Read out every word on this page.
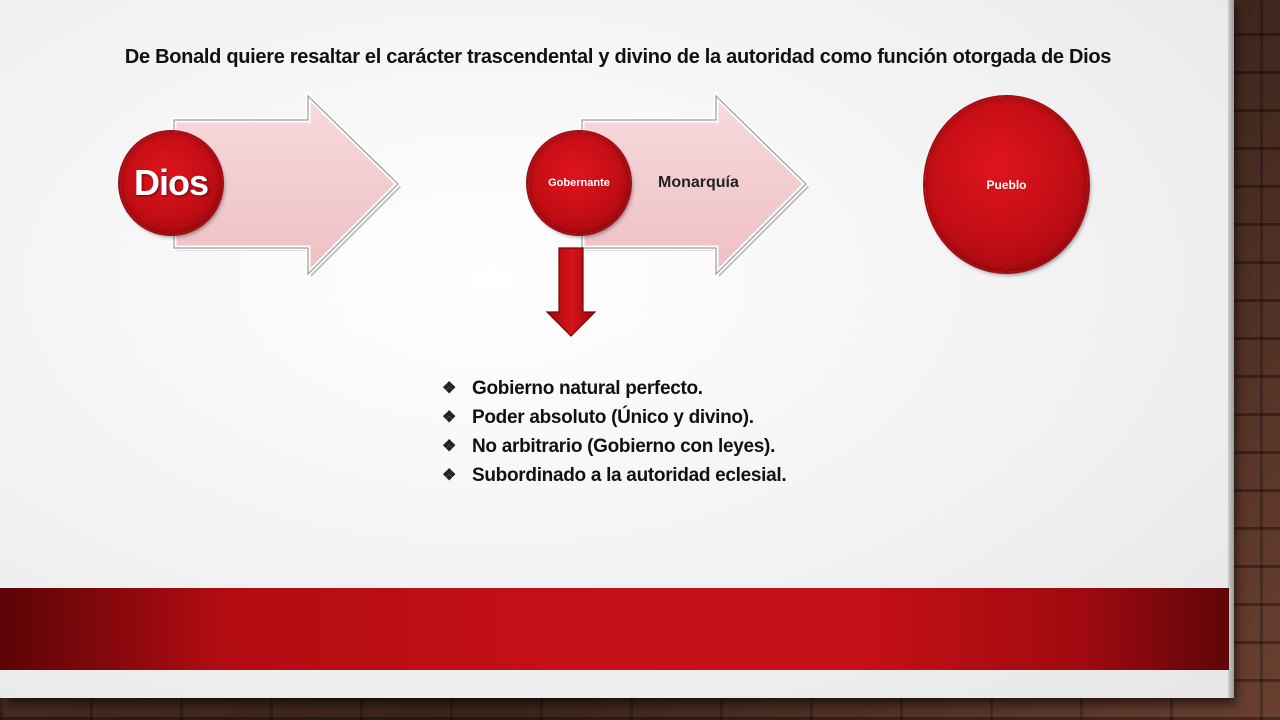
De Bonald quiere resaltar el carácter trascendental y divino de la autoridad como función otorgada de Dios
Dios	Gobernante	Monarquía	Pueblo
❖ Gobierno natural perfecto.
❖ Poder absoluto (Único y divino).
❖ No arbitrario (Gobierno con leyes).
❖ Subordinado a la autoridad eclesial.
